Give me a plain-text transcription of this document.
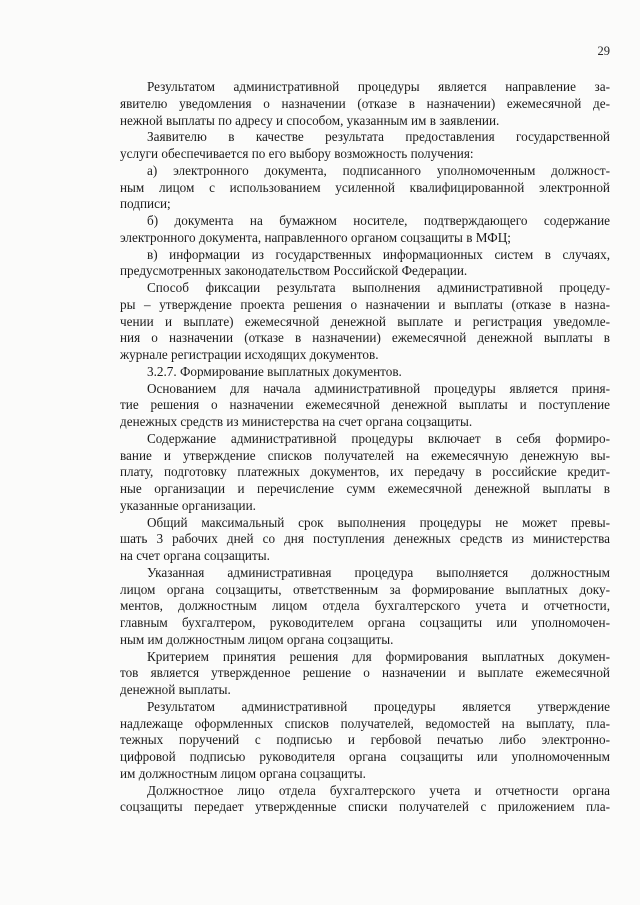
29
Результатом административной процедуры является направление за-
явителю уведомления о назначении (отказе в назначении) ежемесячной де-
нежной выплаты по адресу и способом, указанным им в заявлении.
Заявителю в качестве результата предоставления государственной
услуги обеспечивается по его выбору возможность получения:
а) электронного документа, подписанного уполномоченным должност-
ным лицом с использованием усиленной квалифицированной электронной
подписи;
б) документа на бумажном носителе, подтверждающего содержание
электронного документа, направленного органом соцзащиты в МФЦ;
в) информации из государственных информационных систем в случаях,
предусмотренных законодательством Российской Федерации.
Способ фиксации результата выполнения административной процеду-
ры – утверждение проекта решения о назначении и выплаты (отказе в назна-
чении и выплате) ежемесячной денежной выплате и регистрация уведомле-
ния о назначении (отказе в назначении) ежемесячной денежной выплаты в
журнале регистрации исходящих документов.
3.2.7. Формирование выплатных документов.
Основанием для начала административной процедуры является приня-
тие решения о назначении ежемесячной денежной выплаты и поступление
денежных средств из министерства на счет органа соцзащиты.
Содержание административной процедуры включает в себя формиро-
вание и утверждение списков получателей на ежемесячную денежную вы-
плату, подготовку платежных документов, их передачу в российские кредит-
ные организации и перечисление сумм ежемесячной денежной выплаты в
указанные организации.
Общий максимальный срок выполнения процедуры не может превы-
шать 3 рабочих дней со дня поступления денежных средств из министерства
на счет органа соцзащиты.
Указанная административная процедура выполняется должностным
лицом органа соцзащиты, ответственным за формирование выплатных доку-
ментов, должностным лицом отдела бухгалтерского учета и отчетности,
главным бухгалтером, руководителем органа соцзащиты или уполномочен-
ным им должностным лицом органа соцзащиты.
Критерием принятия решения для формирования выплатных докумен-
тов является утвержденное решение о назначении и выплате ежемесячной
денежной выплаты.
Результатом административной процедуры является утверждение
надлежаще оформленных списков получателей, ведомостей на выплату, пла-
тежных поручений с подписью и гербовой печатью либо электронно-
цифровой подписью руководителя органа соцзащиты или уполномоченным
им должностным лицом органа соцзащиты.
Должностное лицо отдела бухгалтерского учета и отчетности органа
соцзащиты передает утвержденные списки получателей с приложением пла-
